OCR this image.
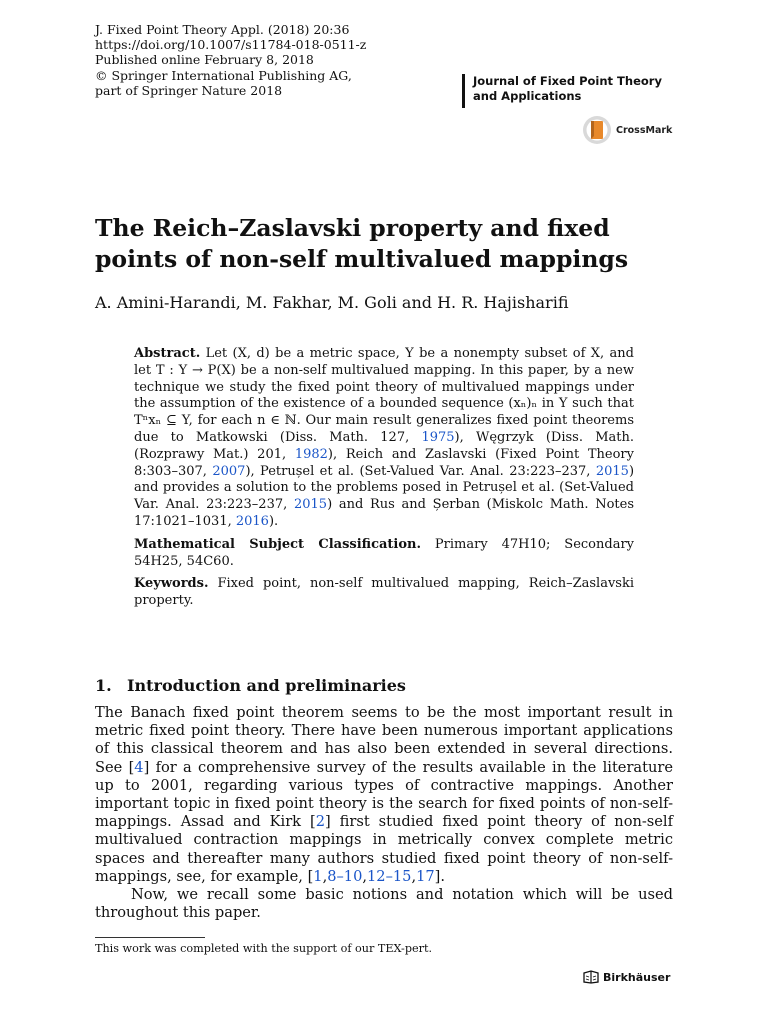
J. Fixed Point Theory Appl. (2018) 20:36
https://doi.org/10.1007/s11784-018-0511-z
Published online February 8, 2018
© Springer International Publishing AG,
part of Springer Nature 2018
Journal of Fixed Point Theory
and Applications
CrossMark
The Reich–Zaslavski property and fixed points of non-self multivalued mappings
A. Amini-Harandi, M. Fakhar, M. Goli and H. R. Hajisharifi

Abstract. Let (X, d) be a metric space, Y be a nonempty subset of X, and let T : Y → P(X) be a non-self multivalued mapping. In this paper, by a new technique we study the fixed point theory of multivalued mappings under the assumption of the existence of a bounded sequence (xₙ)ₙ in Y such that Tⁿxₙ ⊆ Y, for each n ∈ ℕ. Our main result generalizes fixed point theorems due to Matkowski (Diss. Math. 127, 1975), Węgrzyk (Diss. Math. (Rozprawy Mat.) 201, 1982), Reich and Zaslavski (Fixed Point Theory 8:303–307, 2007), Petrușel et al. (Set-Valued Var. Anal. 23:223–237, 2015) and provides a solution to the problems posed in Petrușel et al. (Set-Valued Var. Anal. 23:223–237, 2015) and Rus and Șerban (Miskolc Math. Notes 17:1021–1031, 2016).

Mathematical Subject Classification. Primary 47H10; Secondary 54H25, 54C60.

Keywords. Fixed point, non-self multivalued mapping, Reich–Zaslavski property.

1. Introduction and preliminaries

The Banach fixed point theorem seems to be the most important result in metric fixed point theory. There have been numerous important applications of this classical theorem and has also been extended in several directions. See [4] for a comprehensive survey of the results available in the literature up to 2001, regarding various types of contractive mappings. Another important topic in fixed point theory is the search for fixed points of non-self-mappings. Assad and Kirk [2] first studied fixed point theory of non-self multivalued contraction mappings in metrically convex complete metric spaces and thereafter many authors studied fixed point theory of non-self-mappings, see, for example, [1,8–10,12–15,17].

Now, we recall some basic notions and notation which will be used throughout this paper.

This work was completed with the support of our TEX-pert.
Birkhäuser
